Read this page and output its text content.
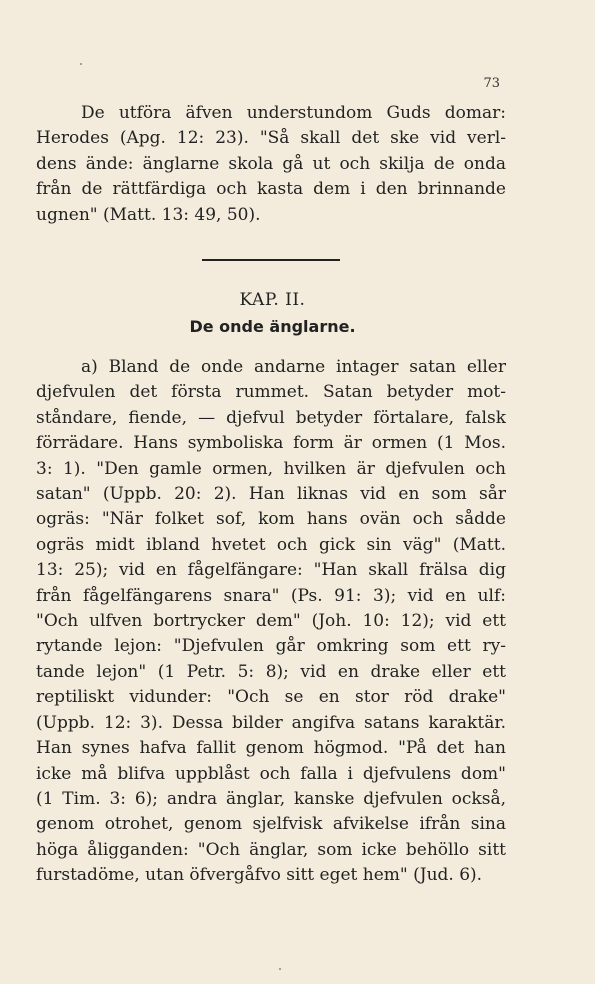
73
De utföra äfven understundom Guds domar:
Herodes (Apg. 12: 23). "Så skall det ske vid verl-
dens ände: änglarne skola gå ut och skilja de onda
från de rättfärdiga och kasta dem i den brinnande
ugnen" (Matt. 13: 49, 50).
KAP. II.
De onde änglarne.
a) Bland de onde andarne intager satan eller
djefvulen det första rummet. Satan betyder mot-
ståndare, fiende, — djefvul betyder förtalare, falsk
förrädare. Hans symboliska form är ormen (1 Mos.
3: 1). "Den gamle ormen, hvilken är djefvulen och
satan" (Uppb. 20: 2). Han liknas vid en som sår
ogräs: "När folket sof, kom hans ovän och sådde
ogräs midt ibland hvetet och gick sin väg" (Matt.
13: 25); vid en fågelfängare: "Han skall frälsa dig
från fågelfängarens snara" (Ps. 91: 3); vid en ulf:
"Och ulfven bortrycker dem" (Joh. 10: 12); vid ett
rytande lejon: "Djefvulen går omkring som ett ry-
tande lejon" (1 Petr. 5: 8); vid en drake eller ett
reptiliskt vidunder: "Och se en stor röd drake"
(Uppb. 12: 3). Dessa bilder angifva satans karaktär.
Han synes hafva fallit genom högmod. "På det han
icke må blifva uppblåst och falla i djefvulens dom"
(1 Tim. 3: 6); andra änglar, kanske djefvulen också,
genom otrohet, genom sjelfvisk afvikelse ifrån sina
höga åligganden: "Och änglar, som icke behöllo sitt
furstadöme, utan öfvergåfvo sitt eget hem" (Jud. 6).
